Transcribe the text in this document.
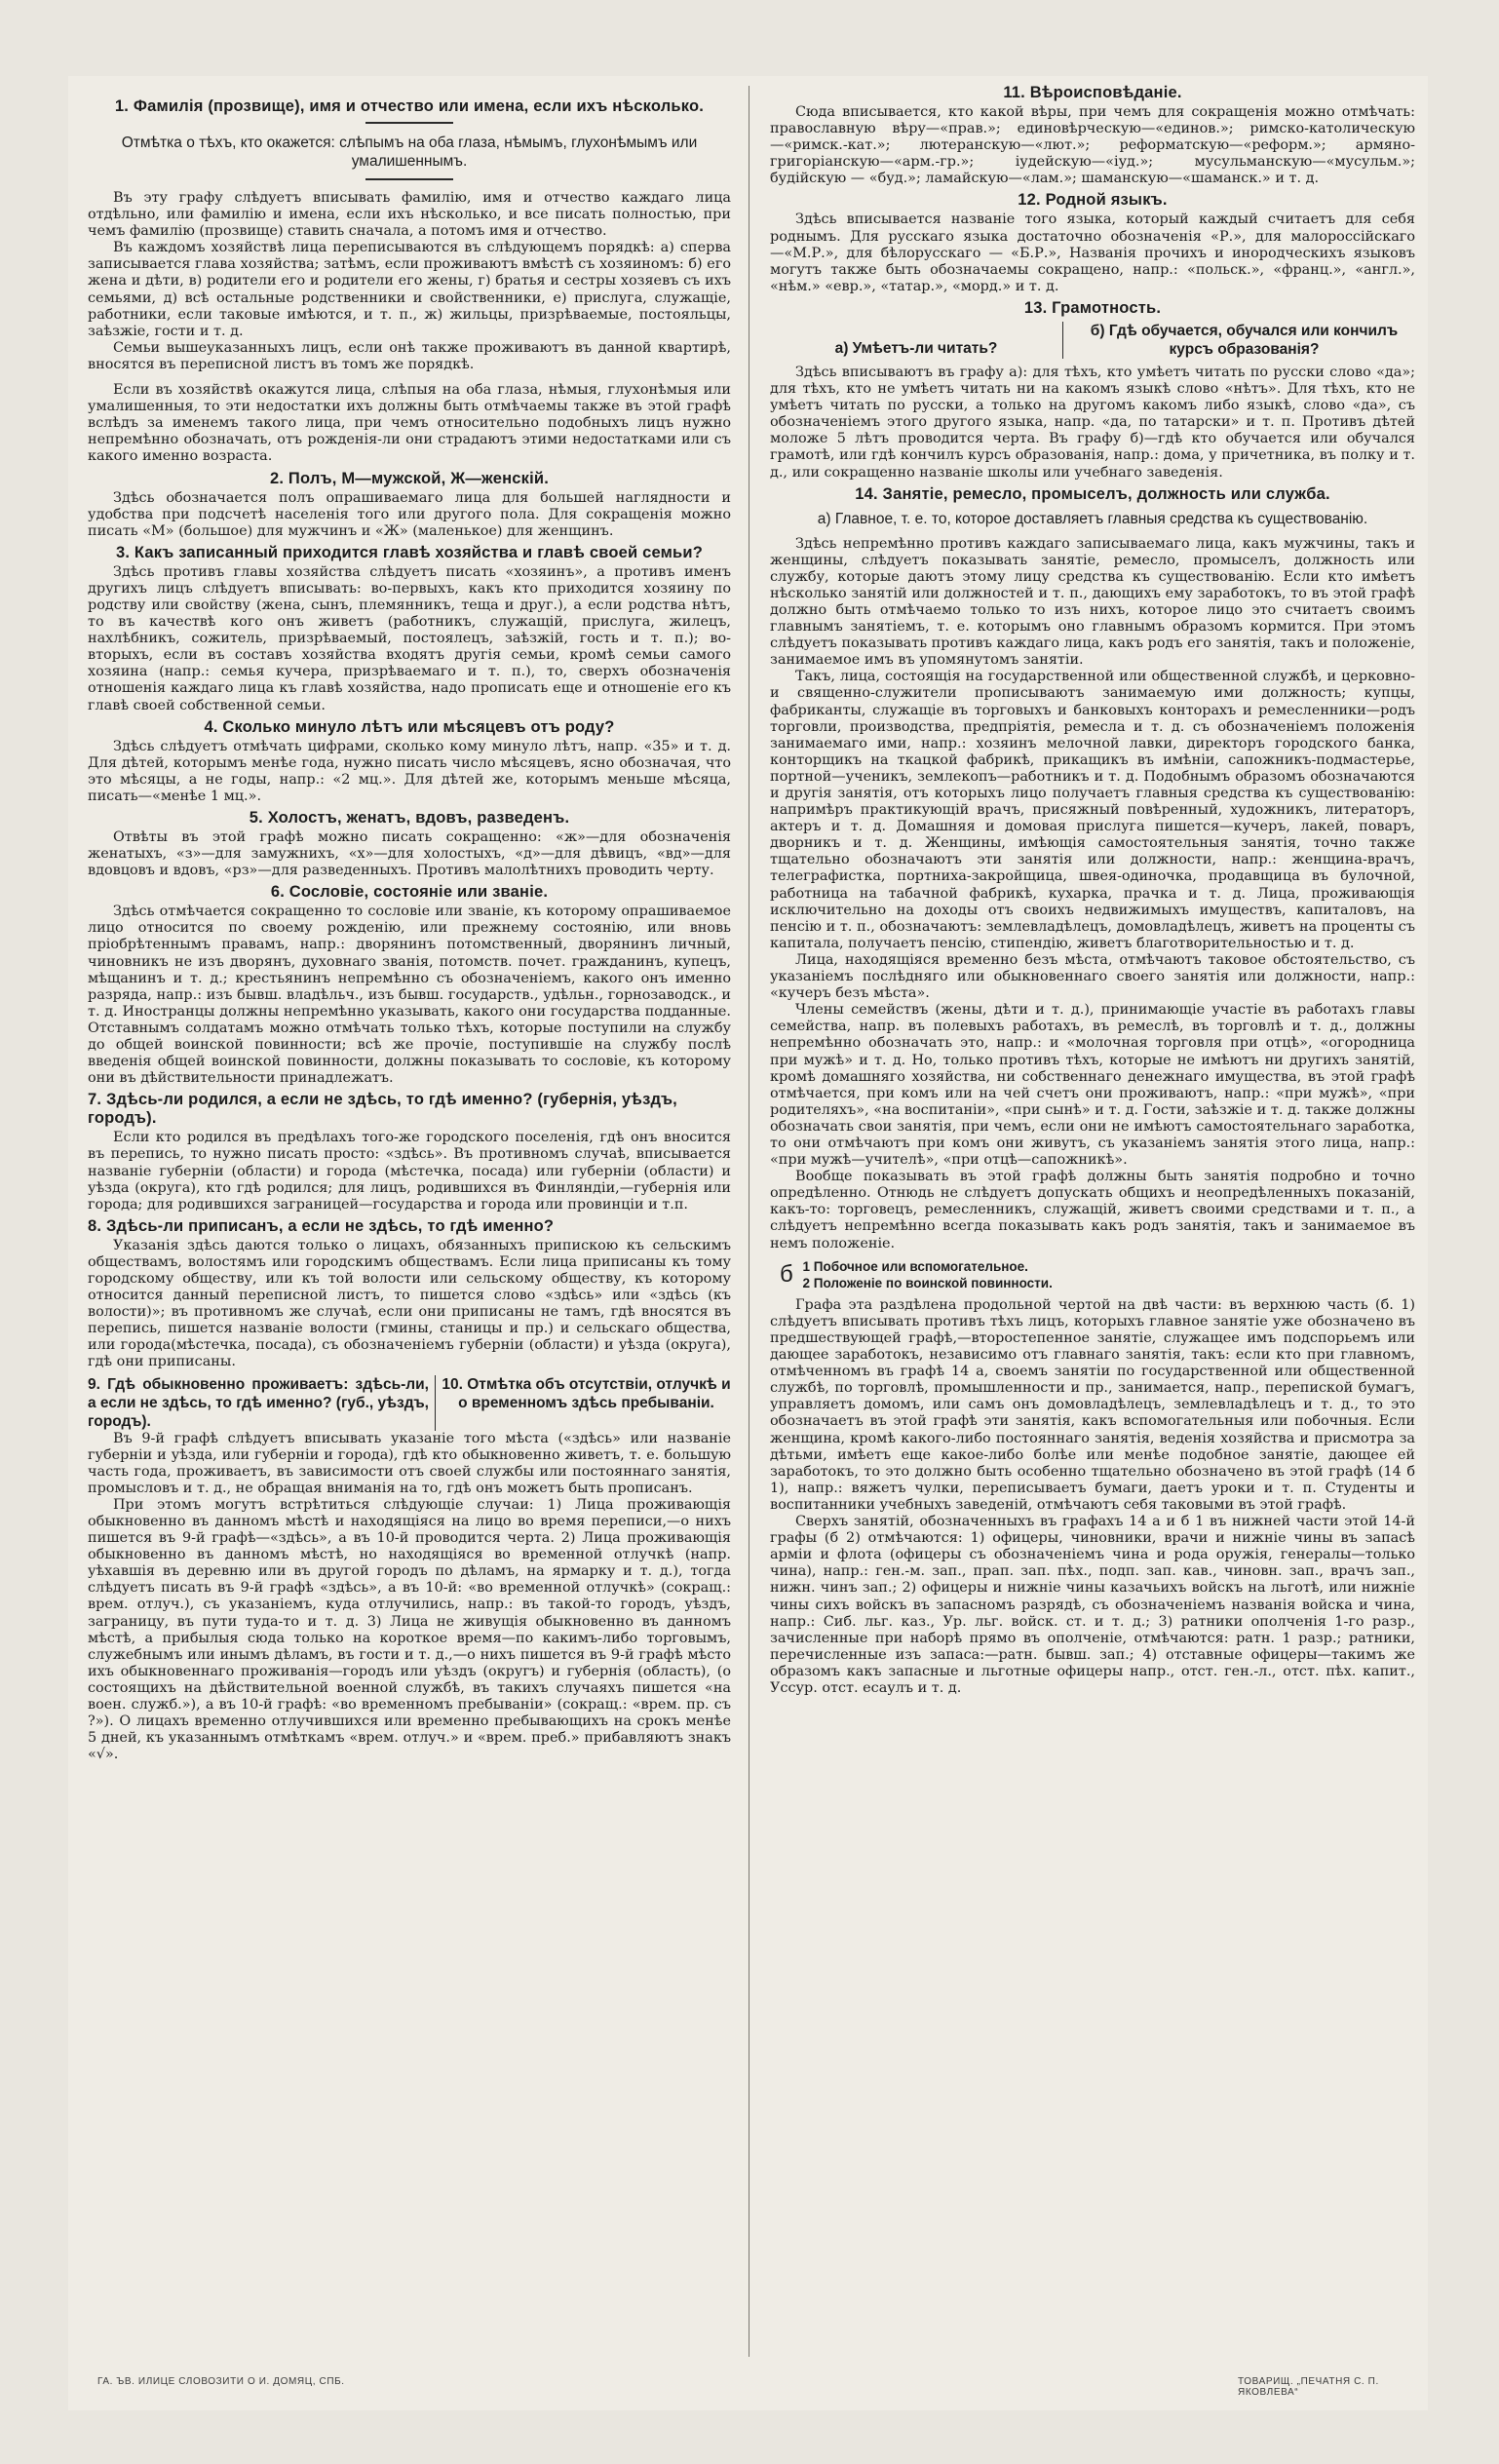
1. Фамилія (прозвище), имя и отчество или имена, если ихъ нѣсколько.
Отмѣтка о тѣхъ, кто окажется: слѣпымъ на оба глаза, нѣмымъ, глухонѣмымъ или умалишеннымъ.

Въ эту графу слѣдуетъ вписывать фамилію, имя и отчество каждаго лица отдѣльно, или фамилію и имена, если ихъ нѣсколько, и все писать полностью, при чемъ фамилію (прозвище) ставить сначала, а потомъ имя и отчество.

Въ каждомъ хозяйствѣ лица переписываются въ слѣдующемъ порядкѣ: а) сперва записывается глава хозяйства; затѣмъ, если проживаютъ вмѣстѣ съ хозяиномъ: б) его жена и дѣти, в) родители его и родители его жены, г) братья и сестры хозяевъ съ ихъ семьями, д) всѣ остальные родственники и свойственники, е) прислуга, служащіе, работники, если таковые имѣются, и т. п., ж) жильцы, призрѣваемые, постояльцы, заѣзжіе, гости и т. д.

Семьи вышеуказанныхъ лицъ, если онѣ также проживаютъ въ данной квартирѣ, вносятся въ переписной листъ въ томъ же порядкѣ.

Если въ хозяйствѣ окажутся лица, слѣпыя на оба глаза, нѣмыя, глухонѣмыя или умалишенныя, то эти недостатки ихъ должны быть отмѣчаемы также въ этой графѣ вслѣдъ за именемъ такого лица, при чемъ относительно подобныхъ лицъ нужно непремѣнно обозначать, отъ рожденія-ли они страдаютъ этими недостатками или съ какого именно возраста.

2. Полъ, М—мужской, Ж—женскій.

Здѣсь обозначается полъ опрашиваемаго лица для большей наглядности и удобства при подсчетѣ населенія того или другого пола. Для сокращенія можно писать «М» (большое) для мужчинъ и «Ж» (маленькое) для женщинъ.

3. Какъ записанный приходится главѣ хозяйства и главѣ своей семьи?

Здѣсь противъ главы хозяйства слѣдуетъ писать «хозяинъ», а противъ именъ другихъ лицъ слѣдуетъ вписывать: во-первыхъ, какъ кто приходится хозяину по родству или свойству (жена, сынъ, племянникъ, теща и друг.), а если родства нѣтъ, то въ качествѣ кого онъ живетъ (работникъ, служащій, прислуга, жилецъ, нахлѣбникъ, сожитель, призрѣваемый, постоялецъ, заѣзжій, гость и т. п.); во-вторыхъ, если въ составъ хозяйства входятъ другія семьи, кромѣ семьи самого хозяина (напр.: семья кучера, призрѣваемаго и т. п.), то, сверхъ обозначенія отношенія каждаго лица къ главѣ хозяйства, надо прописать еще и отношеніе его къ главѣ своей собственной семьи.

4. Сколько минуло лѣтъ или мѣсяцевъ отъ роду?

Здѣсь слѣдуетъ отмѣчать цифрами, сколько кому минуло лѣтъ, напр. «35» и т. д. Для дѣтей, которымъ менѣе года, нужно писать число мѣсяцевъ, ясно обозначая, что это мѣсяцы, а не годы, напр.: «2 мц.». Для дѣтей же, которымъ меньше мѣсяца, писать—«менѣе 1 мц.».

5. Холостъ, женатъ, вдовъ, разведенъ.

Отвѣты въ этой графѣ можно писать сокращенно: «ж»—для обозначенія женатыхъ, «з»—для замужнихъ, «х»—для холостыхъ, «д»—для дѣвицъ, «вд»—для вдовцовъ и вдовъ, «рз»—для разведенныхъ. Противъ малолѣтнихъ проводить черту.

6. Сословіе, состояніе или званіе.

Здѣсь отмѣчается сокращенно то сословіе или званіе, къ которому опрашиваемое лицо относится по своему рожденію, или прежнему состоянію, или вновь пріобрѣтеннымъ правамъ, напр.: дворянинъ потомственный, дворянинъ личный, чиновникъ не изъ дворянъ, духовнаго званія, потомств. почет. гражданинъ, купецъ, мѣщанинъ и т. д.; крестьянинъ непремѣнно съ обозначеніемъ, какого онъ именно разряда, напр.: изъ бывш. владѣльч., изъ бывш. государств., удѣльн., горнозаводск., и т. д. Иностранцы должны непремѣнно указывать, какого они государства подданные. Отставнымъ солдатамъ можно отмѣчать только тѣхъ, которые поступили на службу до общей воинской повинности; всѣ же прочіе, поступившіе на службу послѣ введенія общей воинской повинности, должны показывать то сословіе, къ которому они въ дѣйствительности принадлежатъ.

7. Здѣсь-ли родился, а если не здѣсь, то гдѣ именно? (губернія, уѣздъ, городъ).

Если кто родился въ предѣлахъ того-же городского поселенія, гдѣ онъ вносится въ перепись, то нужно писать просто: «здѣсь». Въ противномъ случаѣ, вписывается названіе губерніи (области) и города (мѣстечка, посада) или губерніи (области) и уѣзда (округа), кто гдѣ родился; для лицъ, родившихся въ Финляндіи,—губернія или города; для родившихся заграницей—государства и города или провинціи и т.п.

8. Здѣсь-ли приписанъ, а если не здѣсь, то гдѣ именно?

Указанія здѣсь даются только о лицахъ, обязанныхъ припискою къ сельскимъ обществамъ, волостямъ или городскимъ обществамъ. Если лица приписаны къ тому городскому обществу, или къ той волости или сельскому обществу, къ которому относится данный переписной листъ, то пишется слово «здѣсь» или «здѣсь (къ волости)»; въ противномъ же случаѣ, если они приписаны не тамъ, гдѣ вносятся въ перепись, пишется названіе волости (гмины, станицы и пр.) и сельскаго общества, или города(мѣстечка, посада), съ обозначеніемъ губерніи (области) и уѣзда (округа), гдѣ они приписаны.

9. Гдѣ обыкновенно проживаетъ: здѣсь-ли, а если не здѣсь, то гдѣ именно? (губ., уѣздъ, городъ).
10. Отмѣтка объ отсутствіи, отлучкѣ и о временномъ здѣсь пребываніи.

Въ 9-й графѣ слѣдуетъ вписывать указаніе того мѣста («здѣсь» или названіе губерніи и уѣзда, или губерніи и города), гдѣ кто обыкновенно живетъ, т. е. большую часть года, проживаетъ, въ зависимости отъ своей службы или постояннаго занятія, промысловъ и т. д., не обращая вниманія на то, гдѣ онъ можетъ быть прописанъ.

При этомъ могутъ встрѣтиться слѣдующіе случаи: 1) Лица проживающія обыкновенно въ данномъ мѣстѣ и находящіяся на лицо во время переписи,—о нихъ пишется въ 9-й графѣ—«здѣсь», а въ 10-й проводится черта. 2) Лица проживающія обыкновенно въ данномъ мѣстѣ, но находящіяся во временной отлучкѣ (напр. уѣхавшія въ деревню или въ другой городъ по дѣламъ, на ярмарку и т. д.), тогда слѣдуетъ писать въ 9-й графѣ «здѣсь», а въ 10-й: «во временной отлучкѣ» (сокращ.: врем. отлуч.), съ указаніемъ, куда отлучились, напр.: въ такой-то городъ, уѣздъ, заграницу, въ пути туда-то и т. д. 3) Лица не живущія обыкновенно въ данномъ мѣстѣ, а прибылыя сюда только на короткое время—по какимъ-либо торговымъ, служебнымъ или инымъ дѣламъ, въ гости и т. д.,—о нихъ пишется въ 9-й графѣ мѣсто ихъ обыкновеннаго проживанія—городъ или уѣздъ (округъ) и губернія (область), (о состоящихъ на дѣйствительной военной службѣ, въ такихъ случаяхъ пишется «на воен. служб.»), а въ 10-й графѣ: «во временномъ пребываніи» (сокращ.: «врем. пр. съ ?»). О лицахъ временно отлучившихся или временно пребывающихъ на срокъ менѣе 5 дней, къ указаннымъ отмѣткамъ «врем. отлуч.» и «врем. преб.» прибавляютъ знакъ «√».

11. Вѣроисповѣданіе.

Сюда вписывается, кто какой вѣры, при чемъ для сокращенія можно отмѣчать: православную вѣру—«прав.»; единовѣрческую—«единов.»; римско-католическую—«римск.-кат.»; лютеранскую—«лют.»; реформатскую—«реформ.»; армяно-григоріанскую—«арм.-гр.»; іудейскую—«іуд.»; мусульманскую—«мусульм.»; будійскую — «буд.»; ламайскую—«лам.»; шаманскую—«шаманск.» и т. д.

12. Родной языкъ.

Здѣсь вписывается названіе того языка, который каждый считаетъ для себя роднымъ. Для русскаго языка достаточно обозначенія «Р.», для малороссійскаго—«М.Р.», для бѣлорусскаго — «Б.Р.», Названія прочихъ и инородческихъ языковъ могутъ также быть обозначаемы сокращено, напр.: «польск.», «франц.», «англ.», «нѣм.» «евр.», «татар.», «морд.» и т. д.

13. Грамотность.
а) Умѣетъ-ли читать?
б) Гдѣ обучается, обучался или кончилъ курсъ образованія?

Здѣсь вписываютъ въ графу а): для тѣхъ, кто умѣетъ читать по русски слово «да»; для тѣхъ, кто не умѣетъ читать ни на какомъ языкѣ слово «нѣтъ». Для тѣхъ, кто не умѣетъ читать по русски, а только на другомъ какомъ либо языкѣ, слово «да», съ обозначеніемъ этого другого языка, напр. «да, по татарски» и т. п. Противъ дѣтей моложе 5 лѣтъ проводится черта. Въ графу б)—гдѣ кто обучается или обучался грамотѣ, или гдѣ кончилъ курсъ образованія, напр.: дома, у причетника, въ полку и т. д., или сокращенно названіе школы или учебнаго заведенія.

14. Занятіе, ремесло, промыселъ, должность или служба.
а) Главное, т. е. то, которое доставляетъ главныя средства къ существованію.

Здѣсь непремѣнно противъ каждаго записываемаго лица, какъ мужчины, такъ и женщины, слѣдуетъ показывать занятіе, ремесло, промыселъ, должность или службу, которые даютъ этому лицу средства къ существованію. Если кто имѣетъ нѣсколько занятій или должностей и т. п., дающихъ ему заработокъ, то въ этой графѣ должно быть отмѣчаемо только то изъ нихъ, которое лицо это считаетъ своимъ главнымъ занятіемъ, т. е. которымъ оно главнымъ образомъ кормится. При этомъ слѣдуетъ показывать противъ каждаго лица, какъ родъ его занятія, такъ и положеніе, занимаемое имъ въ упомянутомъ занятіи.

Такъ, лица, состоящія на государственной или общественной службѣ, и церковно-и священно-служители прописываютъ занимаемую ими должность; купцы, фабриканты, служащіе въ торговыхъ и банковыхъ конторахъ и ремесленники—родъ торговли, производства, предпріятія, ремесла и т. д. съ обозначеніемъ положенія занимаемаго ими, напр.: хозяинъ мелочной лавки, директоръ городского банка, конторщикъ на ткацкой фабрикѣ, прикащикъ въ имѣніи, сапожникъ-подмастерье, портной—ученикъ, землекопъ—работникъ и т. д. Подобнымъ образомъ обозначаются и другія занятія, отъ которыхъ лицо получаетъ главныя средства къ существованію: напримѣръ практикующій врачъ, присяжный повѣренный, художникъ, литераторъ, актеръ и т. д. Домашняя и домовая прислуга пишется—кучеръ, лакей, поваръ, дворникъ и т. д. Женщины, имѣющія самостоятельныя занятія, точно также тщательно обозначаютъ эти занятія или должности, напр.: женщина-врачъ, телеграфистка, портниха-закройщица, швея-одиночка, продавщица въ булочной, работница на табачной фабрикѣ, кухарка, прачка и т. д. Лица, проживающія исключительно на доходы отъ своихъ недвижимыхъ имуществъ, капиталовъ, на пенсію и т. п., обозначаютъ: землевладѣлецъ, домовладѣлецъ, живетъ на проценты съ капитала, получаетъ пенсію, стипендію, живетъ благотворительностью и т. д.

Лица, находящіяся временно безъ мѣста, отмѣчаютъ таковое обстоятельство, съ указаніемъ послѣдняго или обыкновеннаго своего занятія или должности, напр.: «кучеръ безъ мѣста».

Члены семействъ (жены, дѣти и т. д.), принимающіе участіе въ работахъ главы семейства, напр. въ полевыхъ работахъ, въ ремеслѣ, въ торговлѣ и т. д., должны непремѣнно обозначать это, напр.: и «молочная торговля при отцѣ», «огородница при мужѣ» и т. д. Но, только противъ тѣхъ, которые не имѣютъ ни другихъ занятій, кромѣ домашняго хозяйства, ни собственнаго денежнаго имущества, въ этой графѣ отмѣчается, при комъ или на чей счетъ они проживаютъ, напр.: «при мужѣ», «при родителяхъ», «на воспитаніи», «при сынѣ» и т. д. Гости, заѣзжіе и т. д. также должны обозначать свои занятія, при чемъ, если они не имѣютъ самостоятельнаго заработка, то они отмѣчаютъ при комъ они живутъ, съ указаніемъ занятія этого лица, напр.: «при мужѣ—учителѣ», «при отцѣ—сапожникѣ».

Вообще показывать въ этой графѣ должны быть занятія подробно и точно опредѣленно. Отнюдь не слѣдуетъ допускать общихъ и неопредѣленныхъ показаній, какъ-то: торговецъ, ремесленникъ, служащій, живетъ своими средствами и т. п., а слѣдуетъ непремѣнно всегда показывать какъ родъ занятія, такъ и занимаемое въ немъ положеніе.

б 1 Побочное или вспомогательное.
2 Положеніе по воинской повинности.

Графа эта раздѣлена продольной чертой на двѣ части: въ верхнюю часть (б. 1) слѣдуетъ вписывать противъ тѣхъ лицъ, которыхъ главное занятіе уже обозначено въ предшествующей графѣ,—второстепенное занятіе, служащее имъ подспорьемъ или дающее заработокъ, независимо отъ главнаго занятія, такъ: если кто при главномъ, отмѣченномъ въ графѣ 14 а, своемъ занятіи по государственной или общественной службѣ, по торговлѣ, промышленности и пр., занимается, напр., перепиской бумагъ, управляетъ домомъ, или самъ онъ домовладѣлецъ, землевладѣлецъ и т. д., то это обозначаетъ въ этой графѣ эти занятія, какъ вспомогательныя или побочныя. Если женщина, кромѣ какого-либо постояннаго занятія, веденія хозяйства и присмотра за дѣтьми, имѣетъ еще какое-либо болѣе или менѣе подобное занятіе, дающее ей заработокъ, то это должно быть особенно тщательно обозначено въ этой графѣ (14 б 1), напр.: вяжетъ чулки, переписываетъ бумаги, даетъ уроки и т. п. Студенты и воспитанники учебныхъ заведеній, отмѣчаютъ себя таковыми въ этой графѣ.

Сверхъ занятій, обозначенныхъ въ графахъ 14 а и б 1 въ нижней части этой 14-й графы (б 2) отмѣчаются: 1) офицеры, чиновники, врачи и нижніе чины въ запасѣ арміи и флота (офицеры съ обозначеніемъ чина и рода оружія, генералы—только чина), напр.: ген.-м. зап., прап. зап. пѣх., подп. зап. кав., чиновн. зап., врачъ зап., нижн. чинъ зап.; 2) офицеры и нижніе чины казачьихъ войскъ на льготѣ, или нижніе чины сихъ войскъ въ запасномъ разрядѣ, съ обозначеніемъ названія войска и чина, напр.: Сиб. льг. каз., Ур. льг. войск. ст. и т. д.; 3) ратники ополченія 1-го разр., зачисленные при наборѣ прямо въ ополченіе, отмѣчаются: ратн. 1 разр.; ратники, перечисленные изъ запаса:—ратн. бывш. зап.; 4) отставные офицеры—такимъ же образомъ какъ запасные и льготные офицеры напр., отст. ген.-л., отст. пѣх. капит., Уссур. отст. есаулъ и т. д.

ГА. ЪВ. ИЛИЦЕ СЛОВОЗИТИ О И. ДОМЯЦ, СПБ.	ТОВАРИЩ. „ПЕЧАТНЯ С. П. ЯКОВЛЕВА“
